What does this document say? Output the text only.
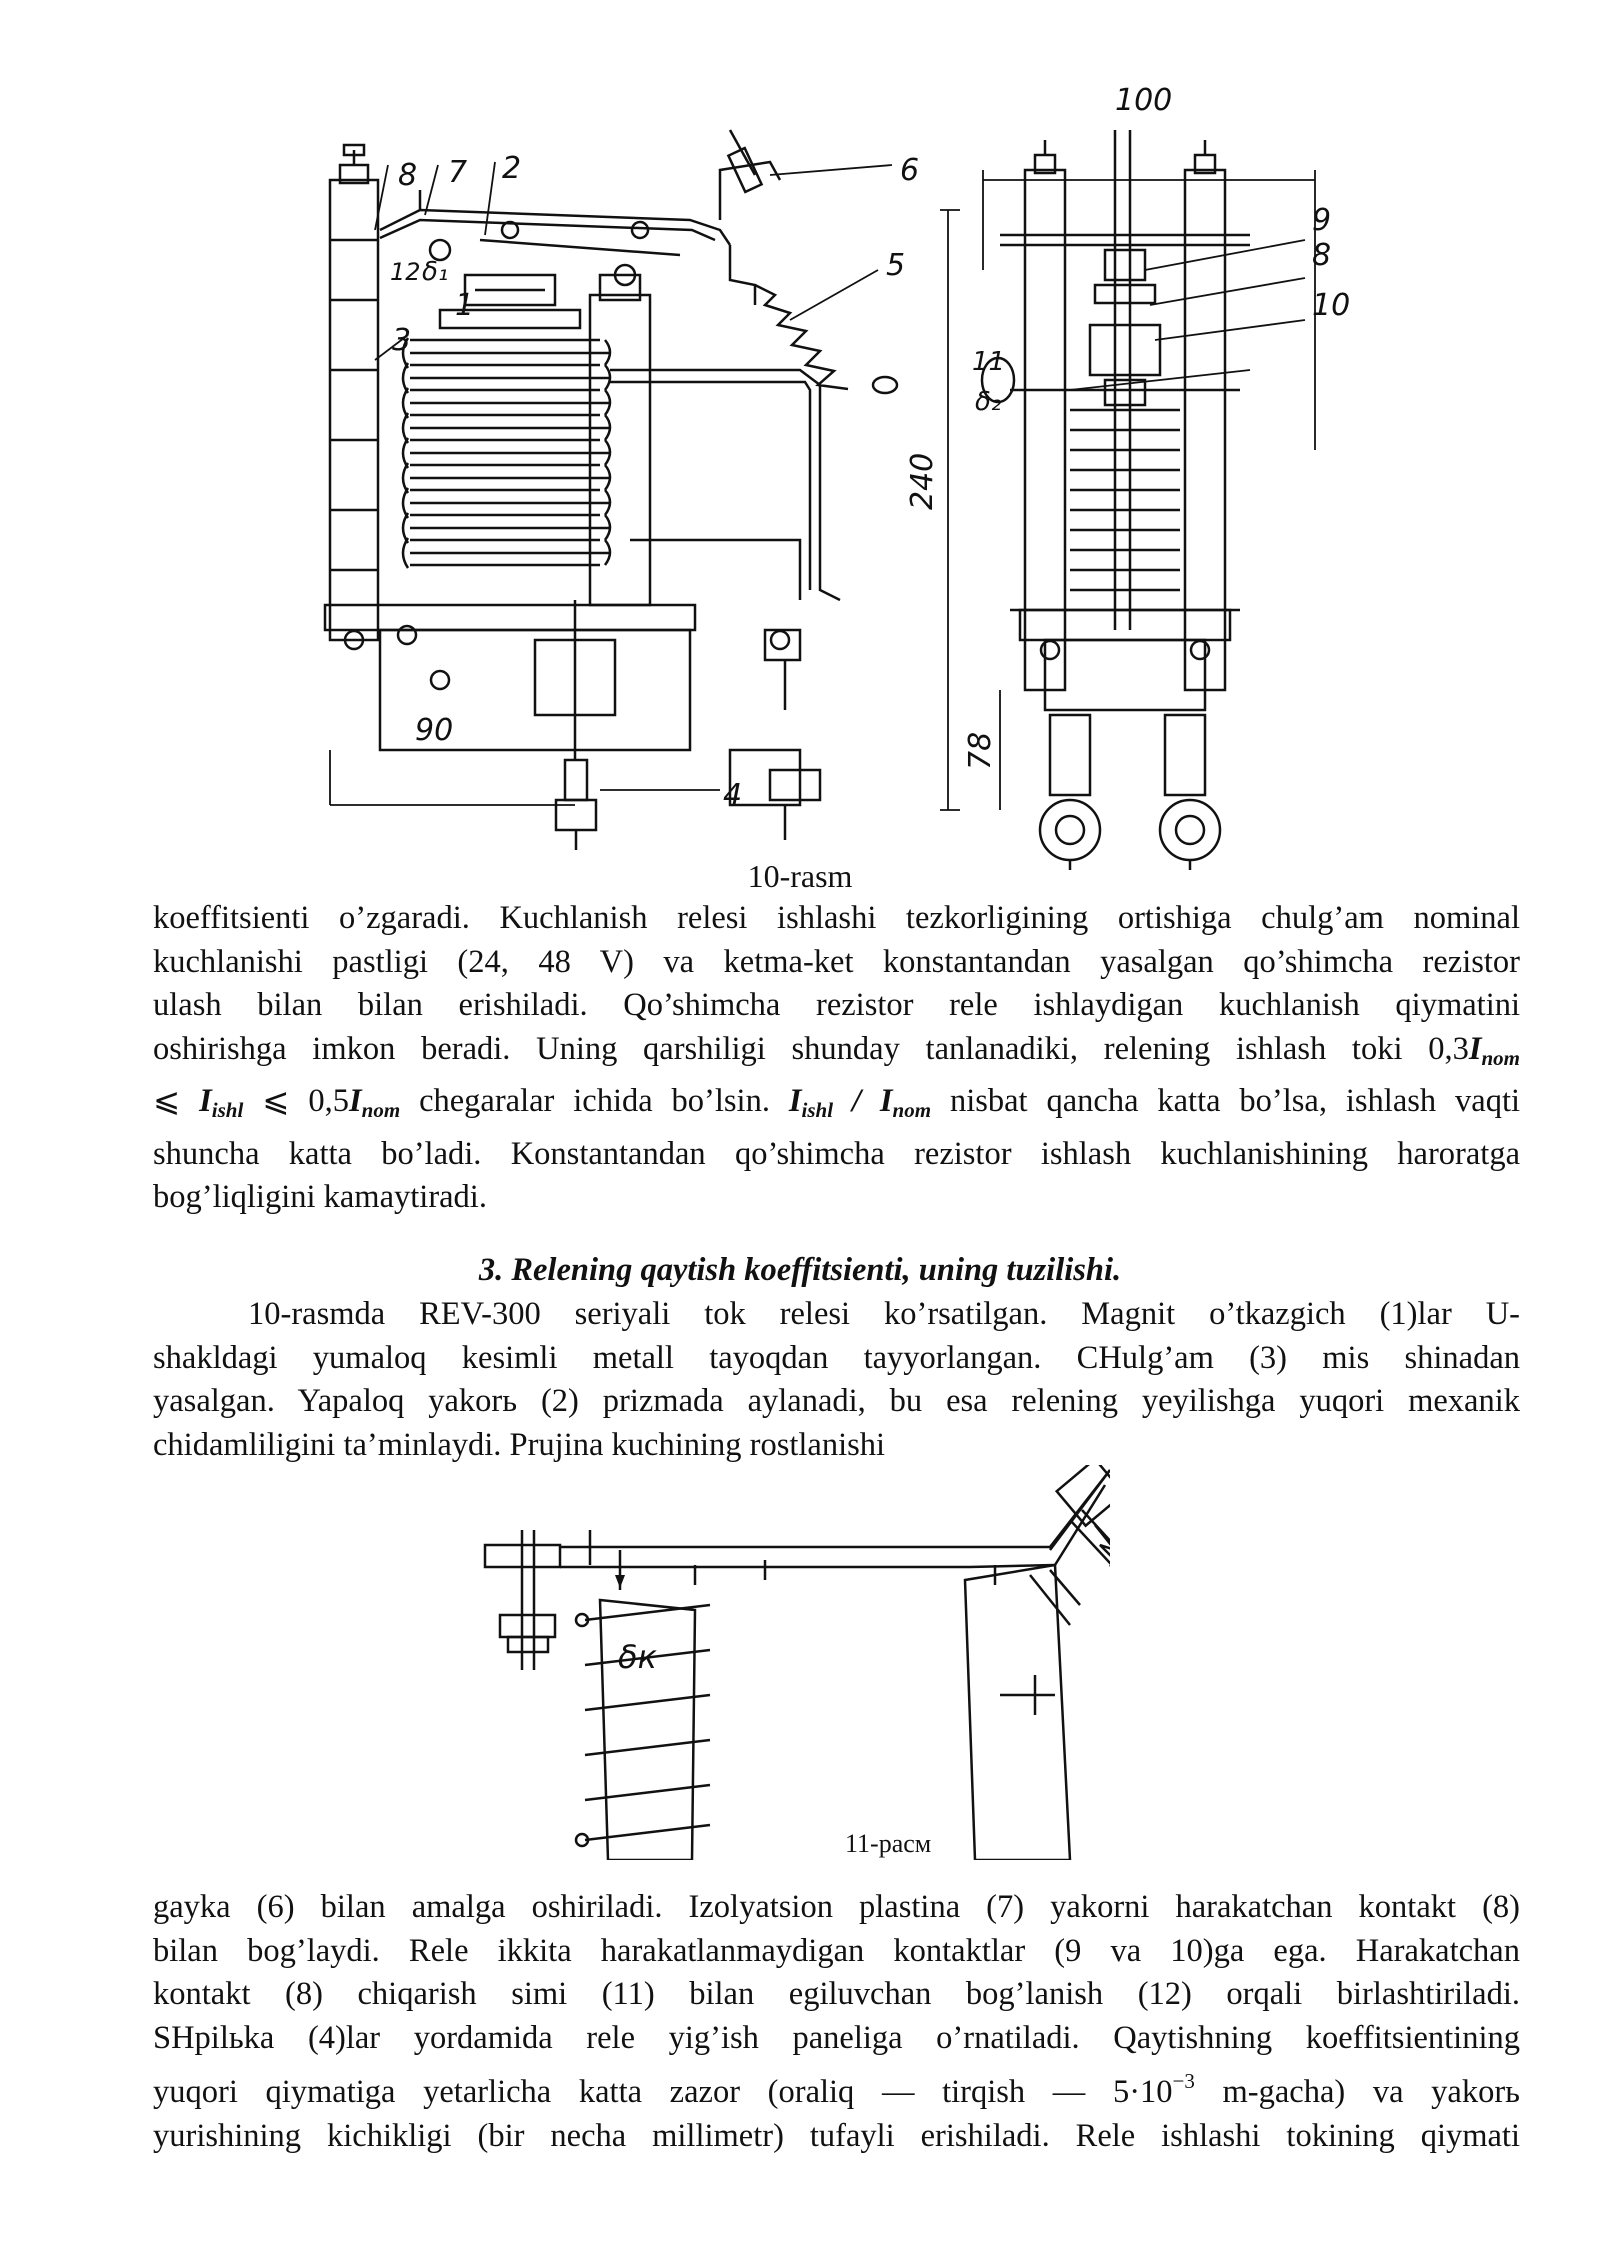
8 7 2	6
5
12 δ₁
1
3
4
9
8
10
11
δ₂
100
240
90
78
10-rasm
koeffitsienti o’zgaradi. Kuchlanish relesi ishlashi tezkorligining ortishiga chulg’am nominal
kuchlanishi pastligi (24, 48 V) va ketma-ket konstantandan yasalgan qo’shimcha rezistor
ulash bilan bilan erishiladi. Qo’shimcha rezistor rele ishlaydigan kuchlanish qiymatini
oshirishga imkon beradi. Uning qarshiligi shunday tanlanadiki, relening ishlash toki $0,3I_{nom}$
⩽ $I_{ishl}$ ⩽ $0,5I_{nom}$ chegaralar ichida bo’lsin. $I_{ishl} / I_{nom}$ nisbat qancha katta bo’lsa, ishlash vaqti
shuncha katta bo’ladi. Konstantandan qo’shimcha rezistor ishlash kuchlanishining haroratga
bog’liqligini kamaytiradi.
3. Relening qaytish koeffitsienti, uning tuzilishi.
10-rasmda REV-300 seriyali tok relesi ko’rsatilgan. Magnit o’tkazgich (1)lar U-
shakldagi yumaloq kesimli metall tayoqdan tayyorlangan. CHulg’am (3) mis shinadan
yasalgan. Yapaloq yakorь (2) prizmada aylanadi, bu esa relening yeyilishga yuqori mexanik
chidamliligini ta’minlaydi. Prujina kuchining rostlanishi
δк
11-расм
gayka (6) bilan amalga oshiriladi. Izolyatsion plastina (7) yakorni harakatchan kontakt (8)
bilan bog’laydi. Rele ikkita harakatlanmaydigan kontaktlar (9 va 10)ga ega. Harakatchan
kontakt (8) chiqarish simi (11) bilan egiluvchan bog’lanish (12) orqali birlashtiriladi.
SHpilьka (4)lar yordamida rele yig’ish paneliga o’rnatiladi. Qaytishning koeffitsientining
yuqori qiymatiga yetarlicha katta zazor (oraliq — tirqish — $5\cdot 10^{-3}$ m-gacha) va yakorь
yurishining kichikligi (bir necha millimetr) tufayli erishiladi. Rele ishlashi tokining qiymati
